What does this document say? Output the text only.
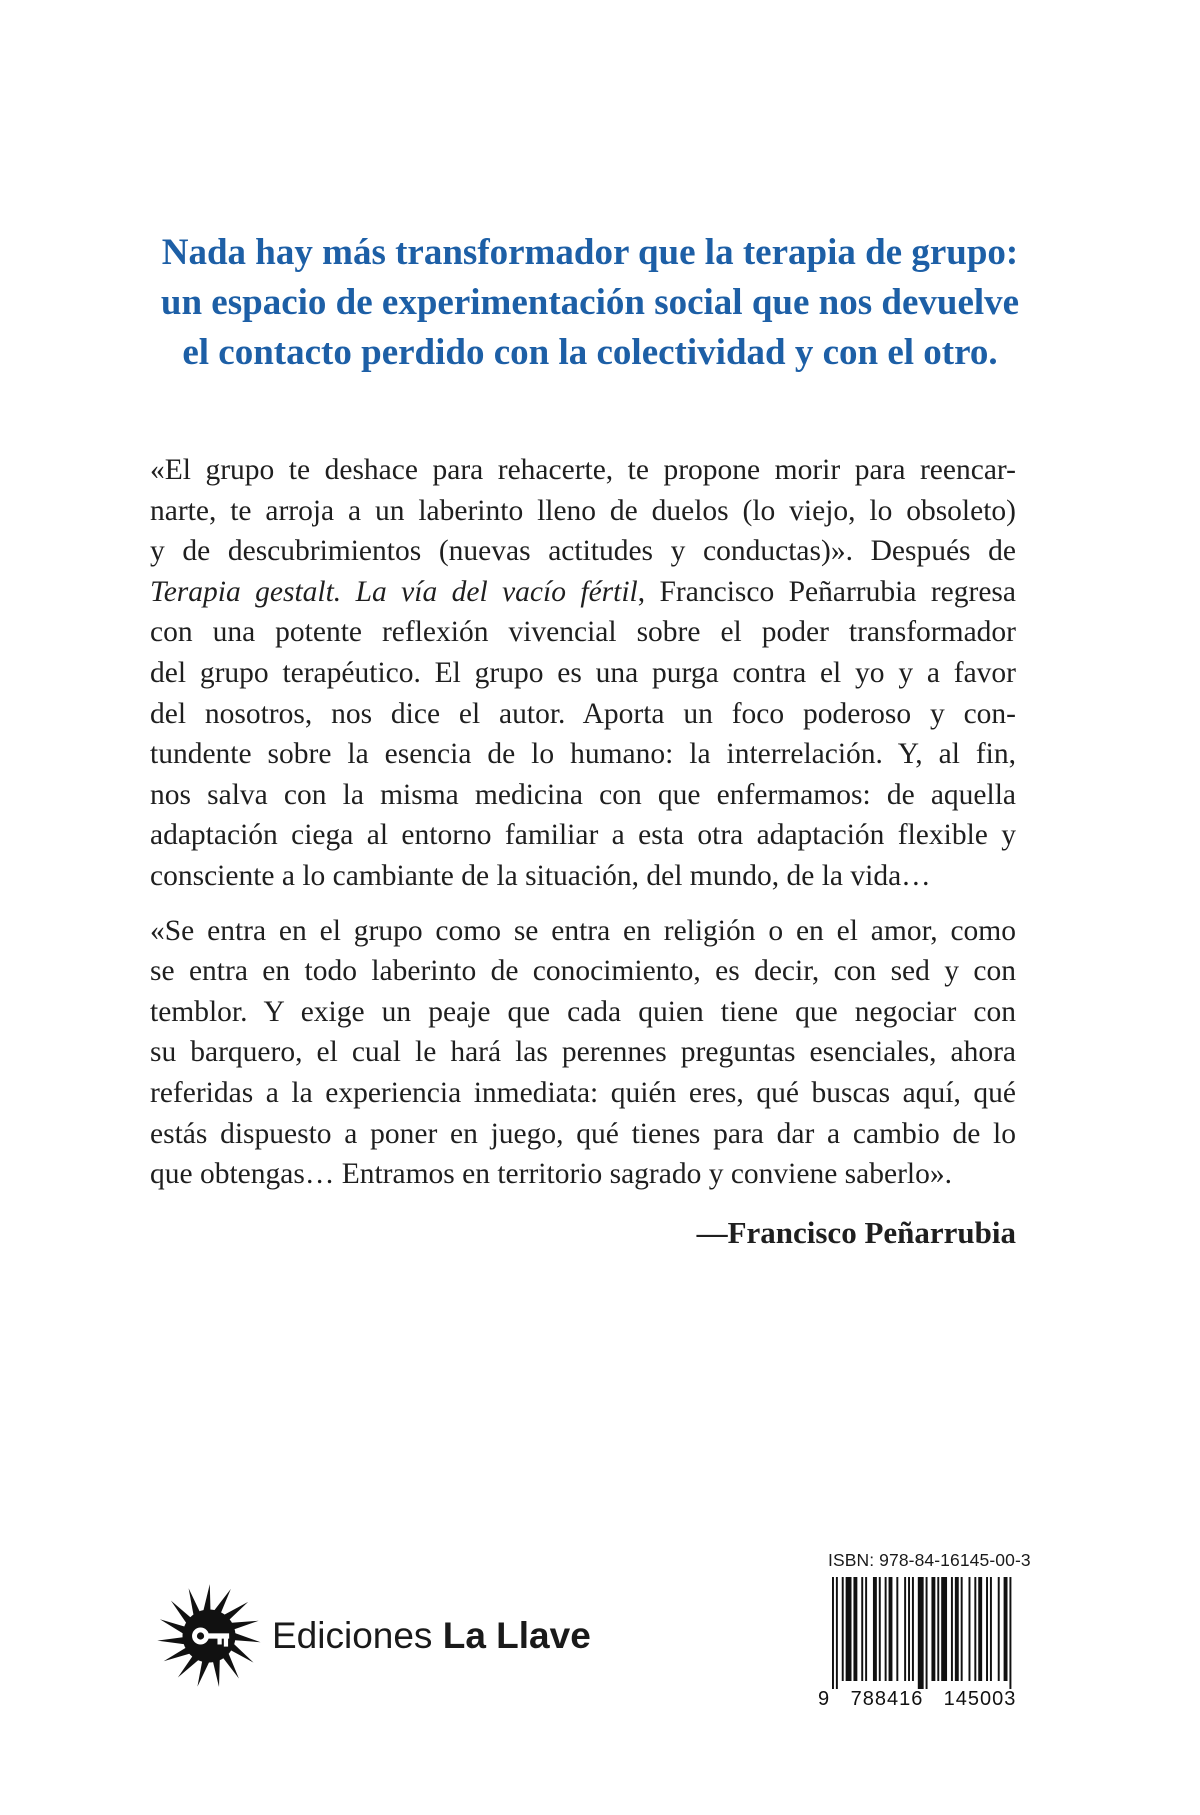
Nada hay más transformador que la terapia de grupo:
un espacio de experimentación social que nos devuelve
el contacto perdido con la colectividad y con el otro.
«El grupo te deshace para rehacerte, te propone morir para reencar-
narte, te arroja a un laberinto lleno de duelos (lo viejo, lo obsoleto)
y de descubrimientos (nuevas actitudes y conductas)». Después de
Terapia gestalt. La vía del vacío fértil, Francisco Peñarrubia regresa
con una potente reflexión vivencial sobre el poder transformador
del grupo terapéutico. El grupo es una purga contra el yo y a favor
del nosotros, nos dice el autor. Aporta un foco poderoso y con-
tundente sobre la esencia de lo humano: la interrelación. Y, al fin,
nos salva con la misma medicina con que enfermamos: de aquella
adaptación ciega al entorno familiar a esta otra adaptación flexible y
consciente a lo cambiante de la situación, del mundo, de la vida…
«Se entra en el grupo como se entra en religión o en el amor, como
se entra en todo laberinto de conocimiento, es decir, con sed y con
temblor. Y exige un peaje que cada quien tiene que negociar con
su barquero, el cual le hará las perennes preguntas esenciales, ahora
referidas a la experiencia inmediata: quién eres, qué buscas aquí, qué
estás dispuesto a poner en juego, qué tienes para dar a cambio de lo
que obtengas… Entramos en territorio sagrado y conviene saberlo».
—Francisco Peñarrubia
Ediciones La Llave
ISBN: 978-84-16145-00-3
9 788416 145003
